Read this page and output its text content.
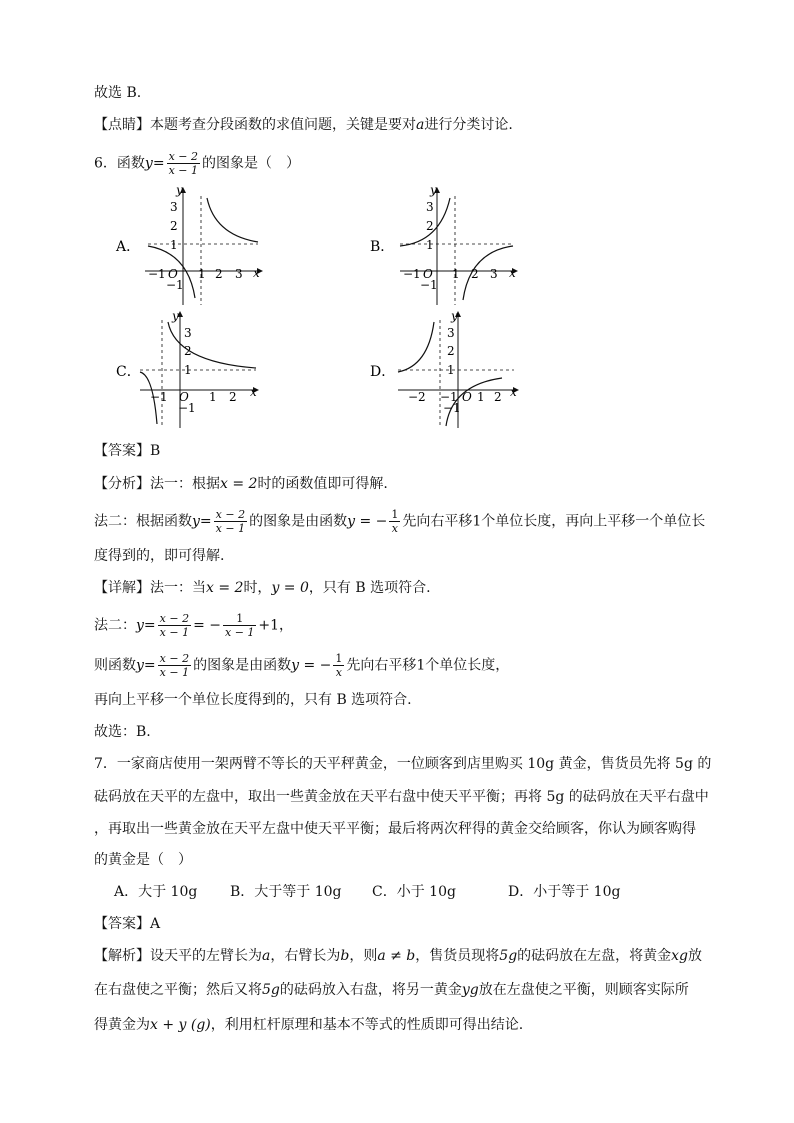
故选 B.
【点睛】本题考查分段函数的求值问题，关键是要对a进行分类讨论.
6．函数$y= \frac{x - 2}{x - 1}$ 的图象是（　）
A．
y
3
2
1
−1
−1 O 1 2 3 x
B．
y
3
2
1
−1
−1 O 1 2 3 x
C．
y
3
2
1
−1
−1 O 1 2 x
D．
y
3
2
1
−1
−2 −1 O 1 2 x
【答案】B
【分析】法一：根据x = 2时的函数值即可得解.
法二：根据函数$y= \frac{x - 2}{x - 1}$ 的图象是由函数y = − $\frac{1}{x}$ 先向右平移1个单位长度，再向上平移一个单位长
度得到的，即可得解.
【详解】法一：当x = 2时，y = 0，只有 B 选项符合.
法二：$y= \frac{x - 2}{x - 1}$ = − $\frac{1}{x - 1} +1$，
则函数$y= \frac{x - 2}{x - 1}$ 的图象是由函数y = − $\frac{1}{x}$ 先向右平移1个单位长度，
再向上平移一个单位长度得到的，只有 B 选项符合.
故选：B.
7．一家商店使用一架两臂不等长的天平秤黄金，一位顾客到店里购买 10g 黄金，售货员先将 5g 的
砝码放在天平的左盘中，取出一些黄金放在天平右盘中使天平平衡；再将 5g 的砝码放在天平右盘中
，再取出一些黄金放在天平左盘中使天平平衡；最后将两次秤得的黄金交给顾客，你认为顾客购得
的黄金是（　）
A．大于 10g B．大于等于 10g C．小于 10g	D．小于等于 10g
【答案】A
【解析】设天平的左臂长为a，右臂长为b，则a ≠ b，售货员现将5g的砝码放在左盘，将黄金xg放
在右盘使之平衡；然后又将5g的砝码放入右盘，将另一黄金yg放在左盘使之平衡，则顾客实际所
得黄金为x + y (g)，利用杠杆原理和基本不等式的性质即可得出结论.
